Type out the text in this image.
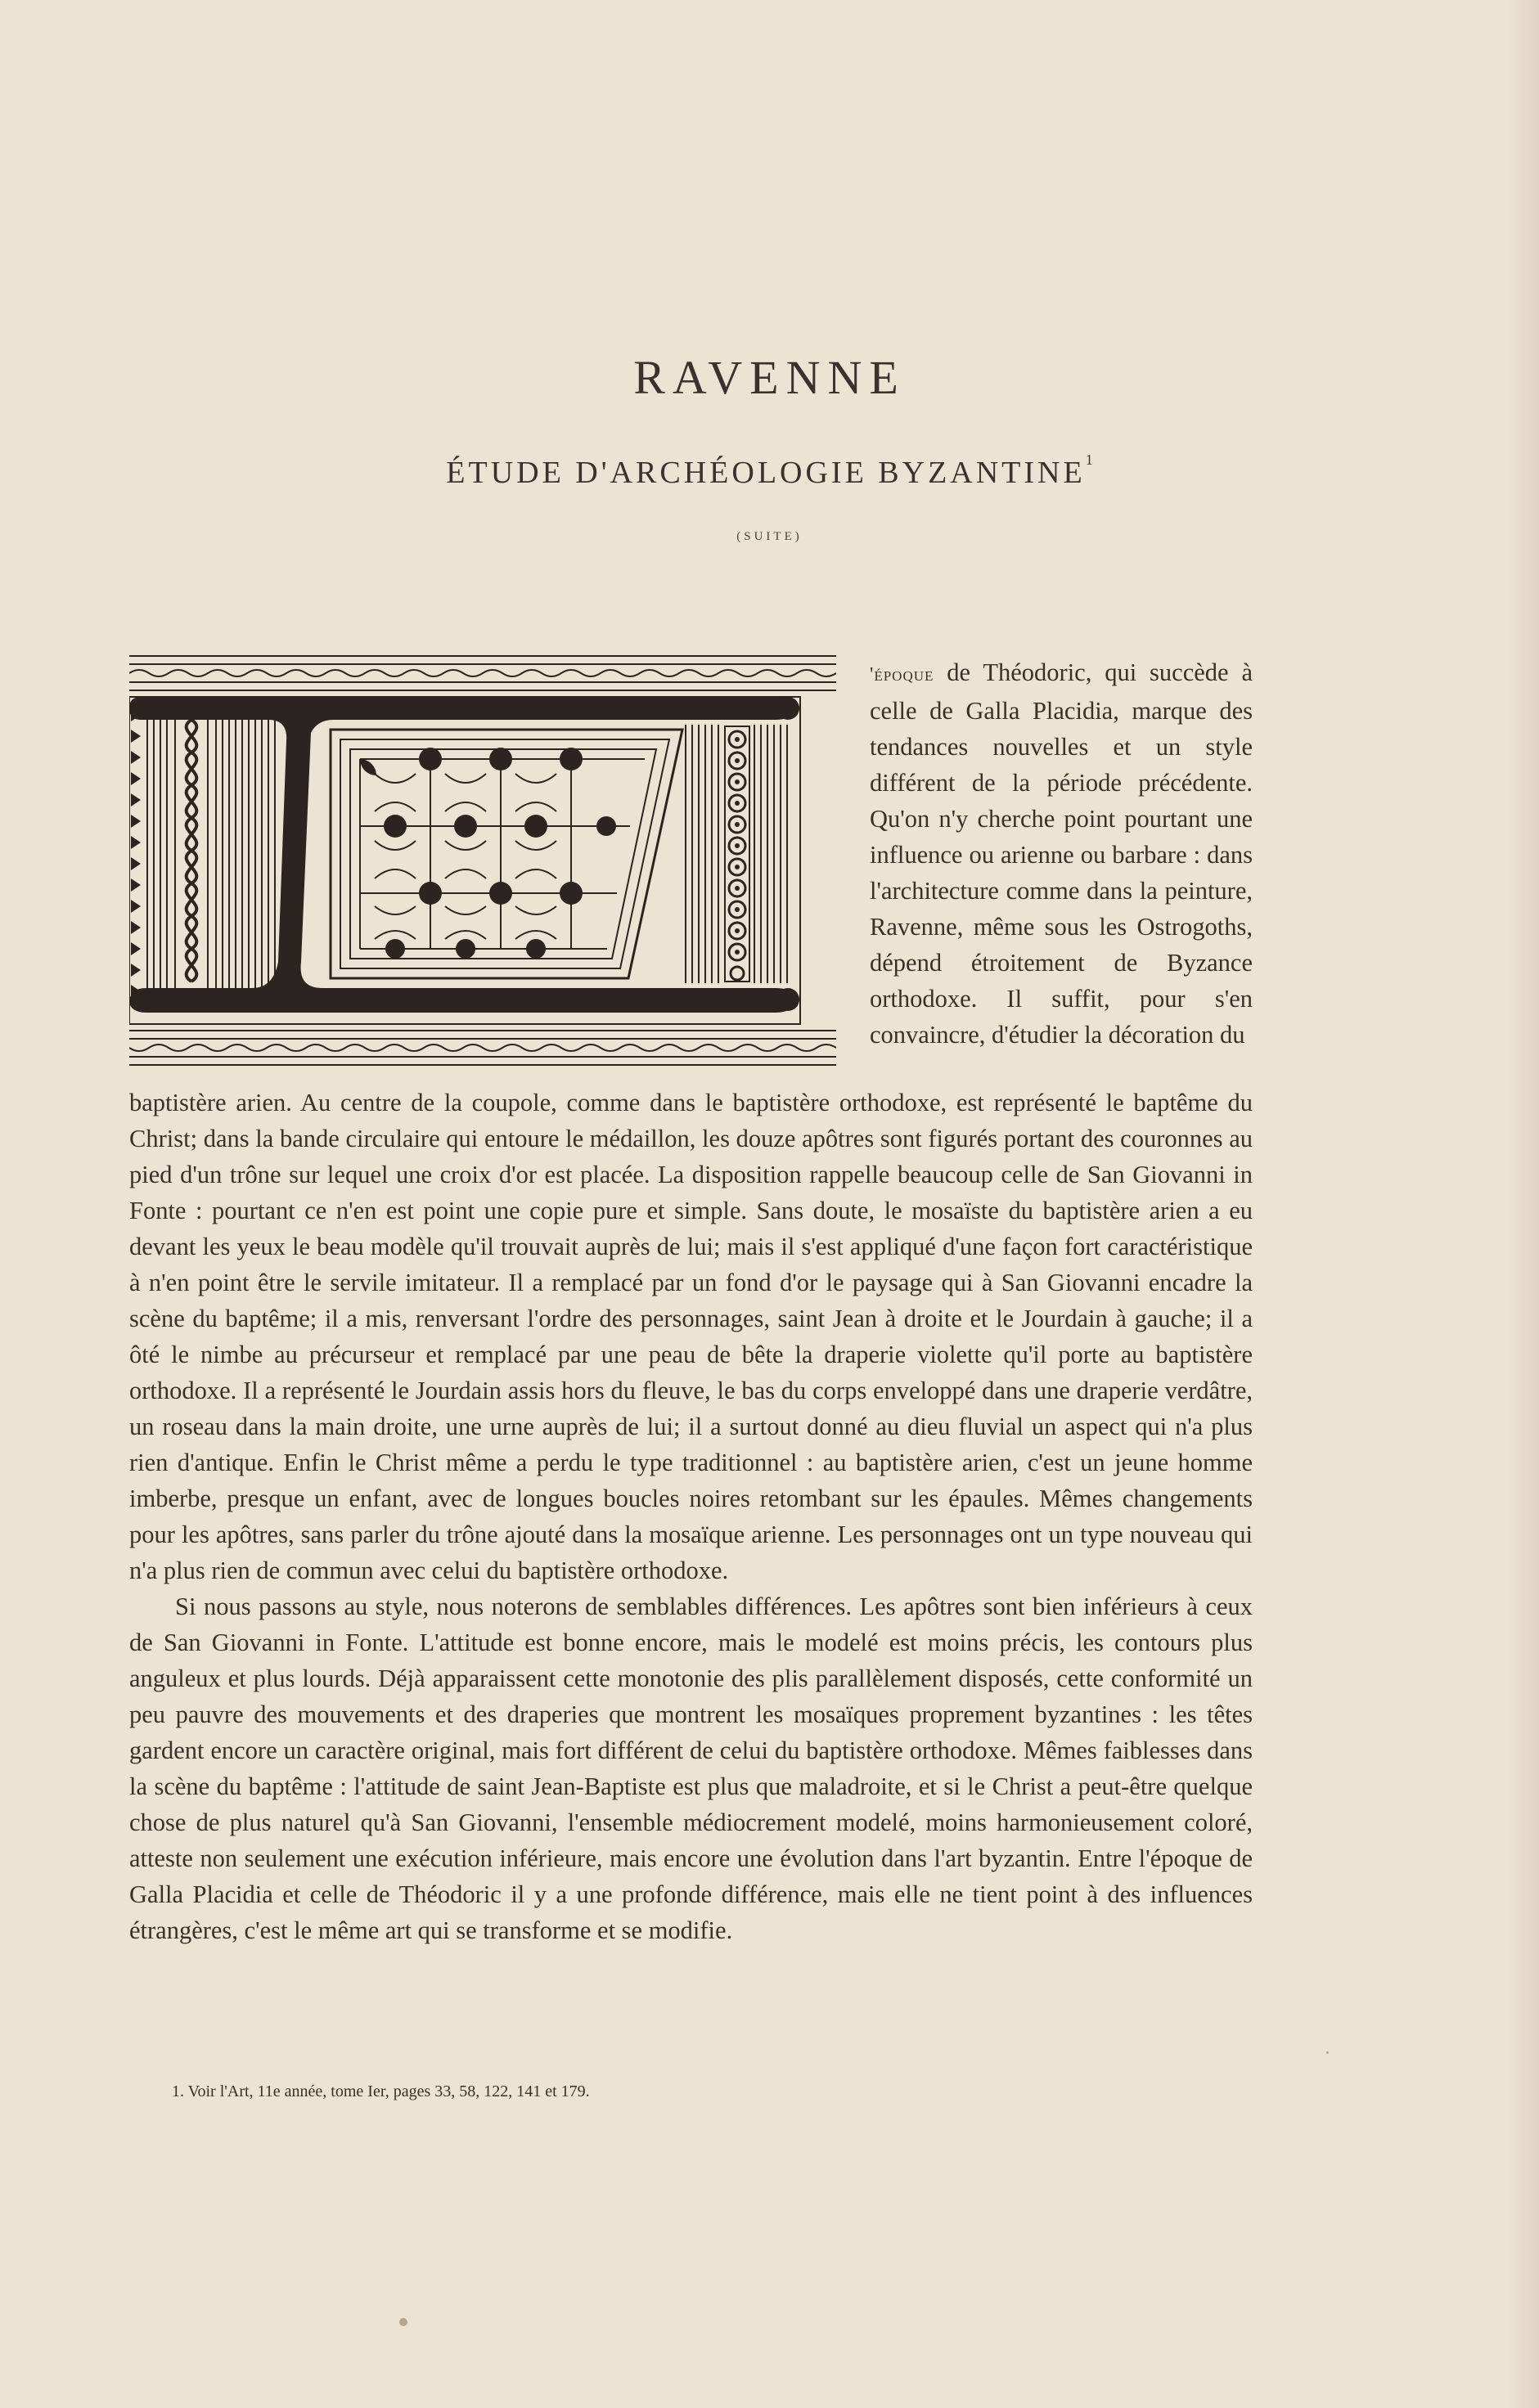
RAVENNE
ÉTUDE D'ARCHÉOLOGIE BYZANTINE$^1$
(SUITE)

'époque de Théodoric, qui succède à celle de Galla Placidia, marque des tendances nouvelles et un style différent de la période précédente. Qu'on n'y cherche point pourtant une influence ou arienne ou barbare : dans l'architecture comme dans la peinture, Ravenne, même sous les Ostrogoths, dépend étroitement de Byzance orthodoxe. Il suffit, pour s'en convaincre, d'étudier la décoration du

baptistère arien. Au centre de la coupole, comme dans le baptistère orthodoxe, est représenté le baptême du Christ; dans la bande circulaire qui entoure le médaillon, les douze apôtres sont figurés portant des couronnes au pied d'un trône sur lequel une croix d'or est placée. La disposition rappelle beaucoup celle de San Giovanni in Fonte : pourtant ce n'en est point une copie pure et simple. Sans doute, le mosaïste du baptistère arien a eu devant les yeux le beau modèle qu'il trouvait auprès de lui; mais il s'est appliqué d'une façon fort caractéristique à n'en point être le servile imitateur. Il a remplacé par un fond d'or le paysage qui à San Giovanni encadre la scène du baptême; il a mis, renversant l'ordre des personnages, saint Jean à droite et le Jourdain à gauche; il a ôté le nimbe au précurseur et remplacé par une peau de bête la draperie violette qu'il porte au baptistère orthodoxe. Il a représenté le Jourdain assis hors du fleuve, le bas du corps enveloppé dans une draperie verdâtre, un roseau dans la main droite, une urne auprès de lui; il a surtout donné au dieu fluvial un aspect qui n'a plus rien d'antique. Enfin le Christ même a perdu le type traditionnel : au baptistère arien, c'est un jeune homme imberbe, presque un enfant, avec de longues boucles noires retombant sur les épaules. Mêmes changements pour les apôtres, sans parler du trône ajouté dans la mosaïque arienne. Les personnages ont un type nouveau qui n'a plus rien de commun avec celui du baptistère orthodoxe.

Si nous passons au style, nous noterons de semblables différences. Les apôtres sont bien inférieurs à ceux de San Giovanni in Fonte. L'attitude est bonne encore, mais le modelé est moins précis, les contours plus anguleux et plus lourds. Déjà apparaissent cette monotonie des plis parallèlement disposés, cette conformité un peu pauvre des mouvements et des draperies que montrent les mosaïques proprement byzantines : les têtes gardent encore un caractère original, mais fort différent de celui du baptistère orthodoxe. Mêmes faiblesses dans la scène du baptême : l'attitude de saint Jean-Baptiste est plus que maladroite, et si le Christ a peut-être quelque chose de plus naturel qu'à San Giovanni, l'ensemble médiocrement modelé, moins harmonieusement coloré, atteste non seulement une exécution inférieure, mais encore une évolution dans l'art byzantin. Entre l'époque de Galla Placidia et celle de Théodoric il y a une profonde différence, mais elle ne tient point à des influences étrangères, c'est le même art qui se transforme et se modifie.

1. Voir l'Art, 11e année, tome Ier, pages 33, 58, 122, 141 et 179.
